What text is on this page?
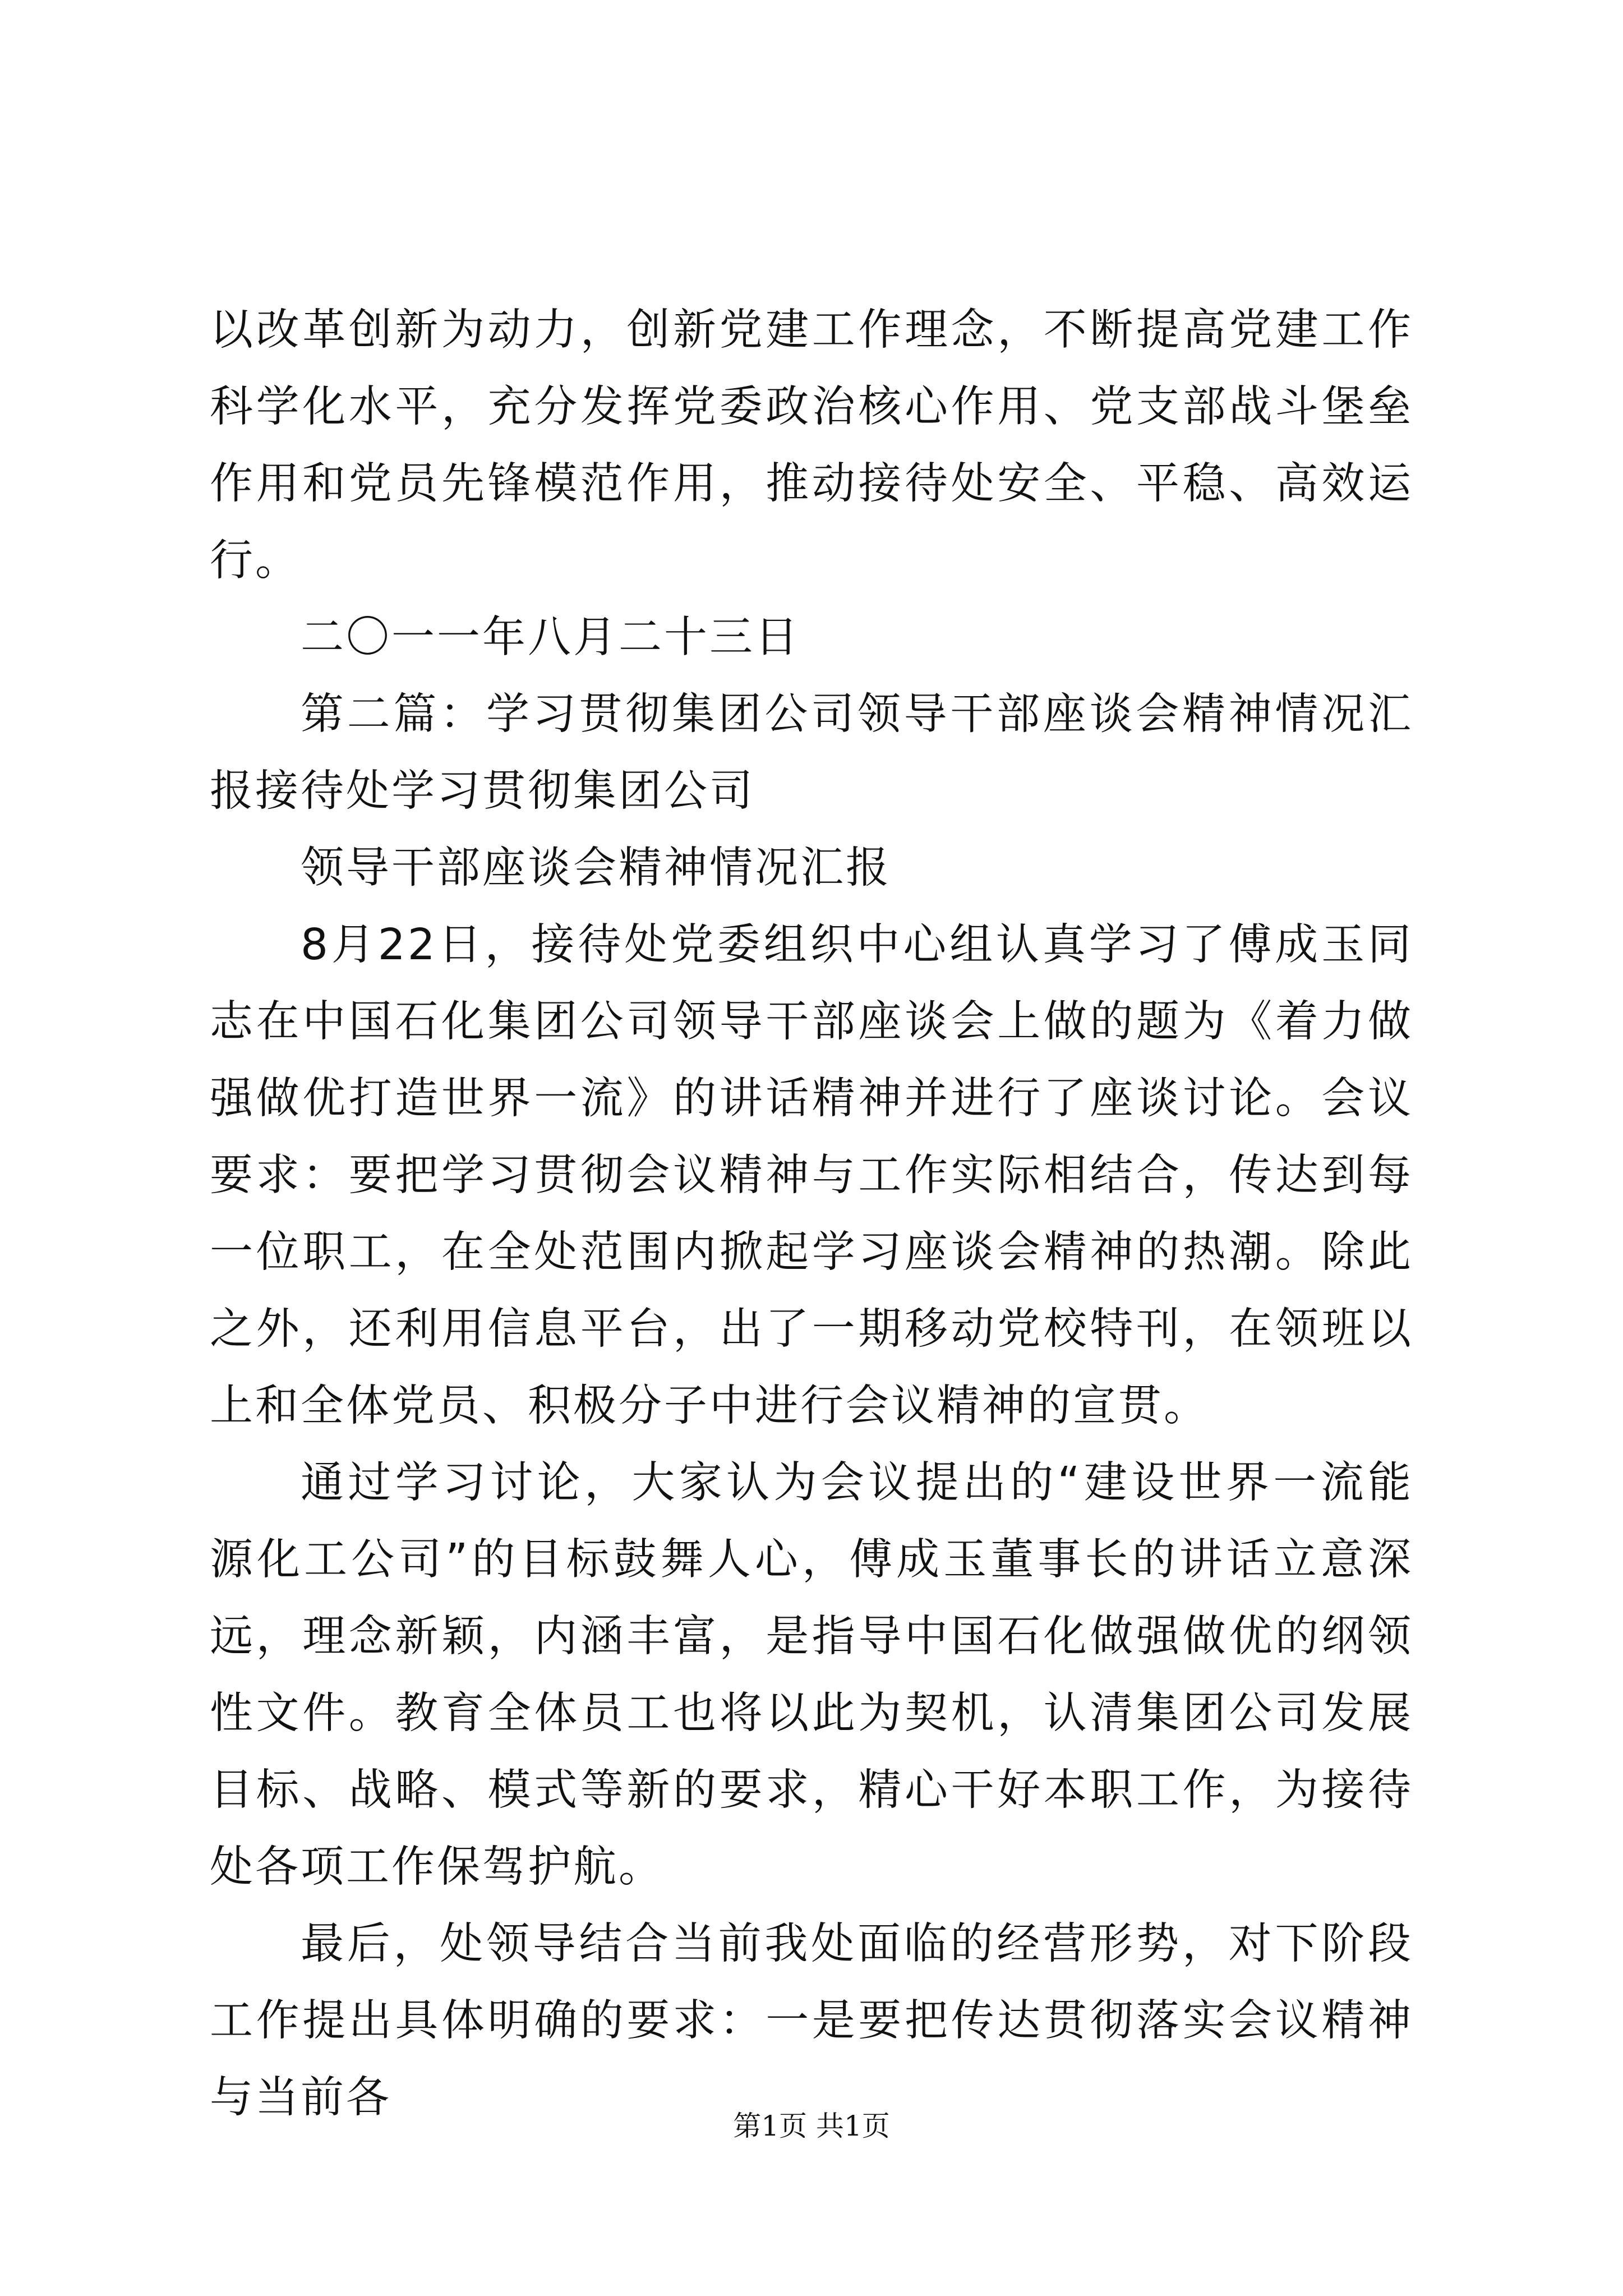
以改革创新为动力，创新党建工作理念，不断提高党建工作科学化水平，充分发挥党委政治核心作用、党支部战斗堡垒作用和党员先锋模范作用，推动接待处安全、平稳、高效运行。

二〇一一年八月二十三日

第二篇：学习贯彻集团公司领导干部座谈会精神情况汇报接待处学习贯彻集团公司

领导干部座谈会精神情况汇报

8月22日，接待处党委组织中心组认真学习了傅成玉同志在中国石化集团公司领导干部座谈会上做的题为《着力做强做优打造世界一流》的讲话精神并进行了座谈讨论。会议要求：要把学习贯彻会议精神与工作实际相结合，传达到每一位职工，在全处范围内掀起学习座谈会精神的热潮。除此之外，还利用信息平台，出了一期移动党校特刊，在领班以上和全体党员、积极分子中进行会议精神的宣贯。

通过学习讨论，大家认为会议提出的“建设世界一流能源化工公司”的目标鼓舞人心，傅成玉董事长的讲话立意深远，理念新颖，内涵丰富，是指导中国石化做强做优的纲领性文件。教育全体员工也将以此为契机，认清集团公司发展目标、战略、模式等新的要求，精心干好本职工作，为接待处各项工作保驾护航。

最后，处领导结合当前我处面临的经营形势，对下阶段工作提出具体明确的要求：一是要把传达贯彻落实会议精神与当前各

第1页 共1页
